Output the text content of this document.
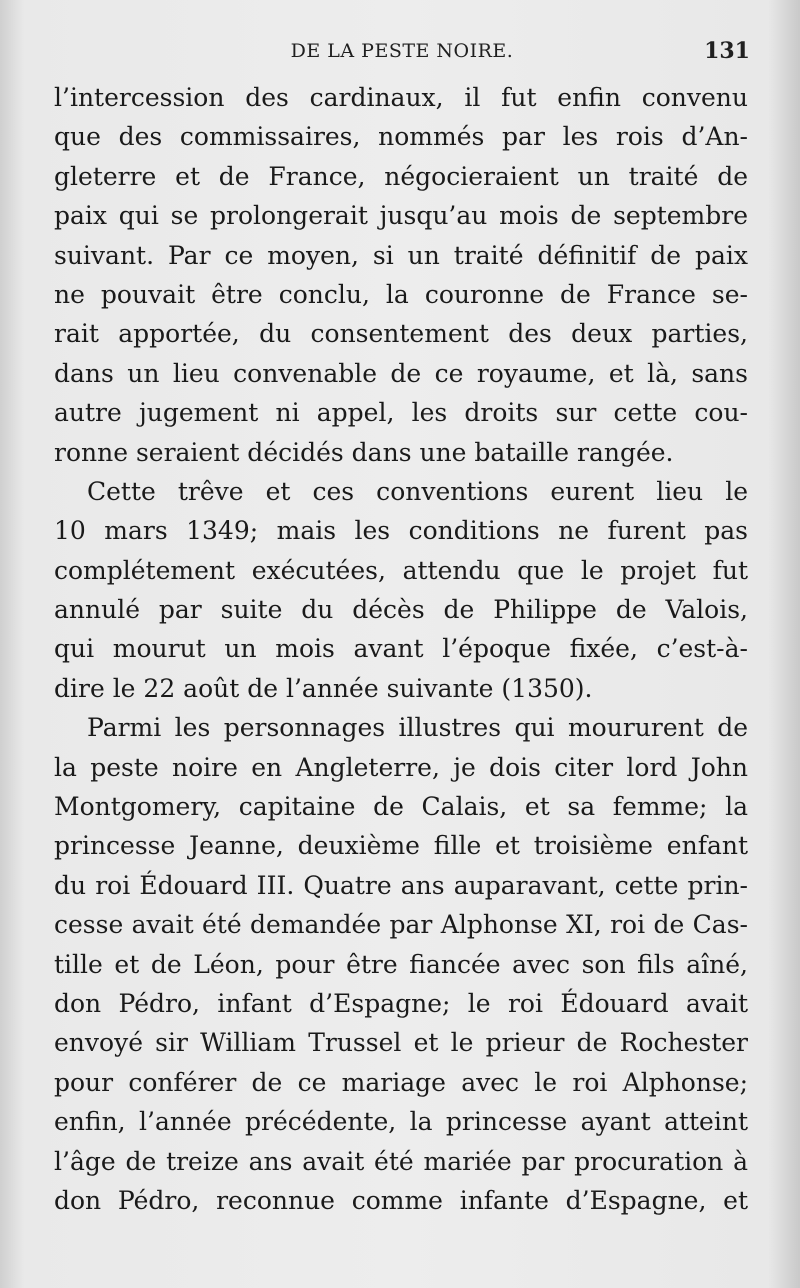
DE LA PESTE NOIRE.	131
l’intercession des cardinaux, il fut enfin convenu
que des commissaires, nommés par les rois d’An-
gleterre et de France, négocieraient un traité de
paix qui se prolongerait jusqu’au mois de septembre
suivant. Par ce moyen, si un traité définitif de paix
ne pouvait être conclu, la couronne de France se-
rait apportée, du consentement des deux parties,
dans un lieu convenable de ce royaume, et là, sans
autre jugement ni appel, les droits sur cette cou-
ronne seraient décidés dans une bataille rangée.
Cette trêve et ces conventions eurent lieu le
10 mars 1349; mais les conditions ne furent pas
complétement exécutées, attendu que le projet fut
annulé par suite du décès de Philippe de Valois,
qui mourut un mois avant l’époque fixée, c’est-à-
dire le 22 août de l’année suivante (1350).
Parmi les personnages illustres qui moururent de
la peste noire en Angleterre, je dois citer lord John
Montgomery, capitaine de Calais, et sa femme; la
princesse Jeanne, deuxième fille et troisième enfant
du roi Édouard III. Quatre ans auparavant, cette prin-
cesse avait été demandée par Alphonse XI, roi de Cas-
tille et de Léon, pour être fiancée avec son fils aîné,
don Pédro, infant d’Espagne; le roi Édouard avait
envoyé sir William Trussel et le prieur de Rochester
pour conférer de ce mariage avec le roi Alphonse;
enfin, l’année précédente, la princesse ayant atteint
l’âge de treize ans avait été mariée par procuration à
don Pédro, reconnue comme infante d’Espagne, et
